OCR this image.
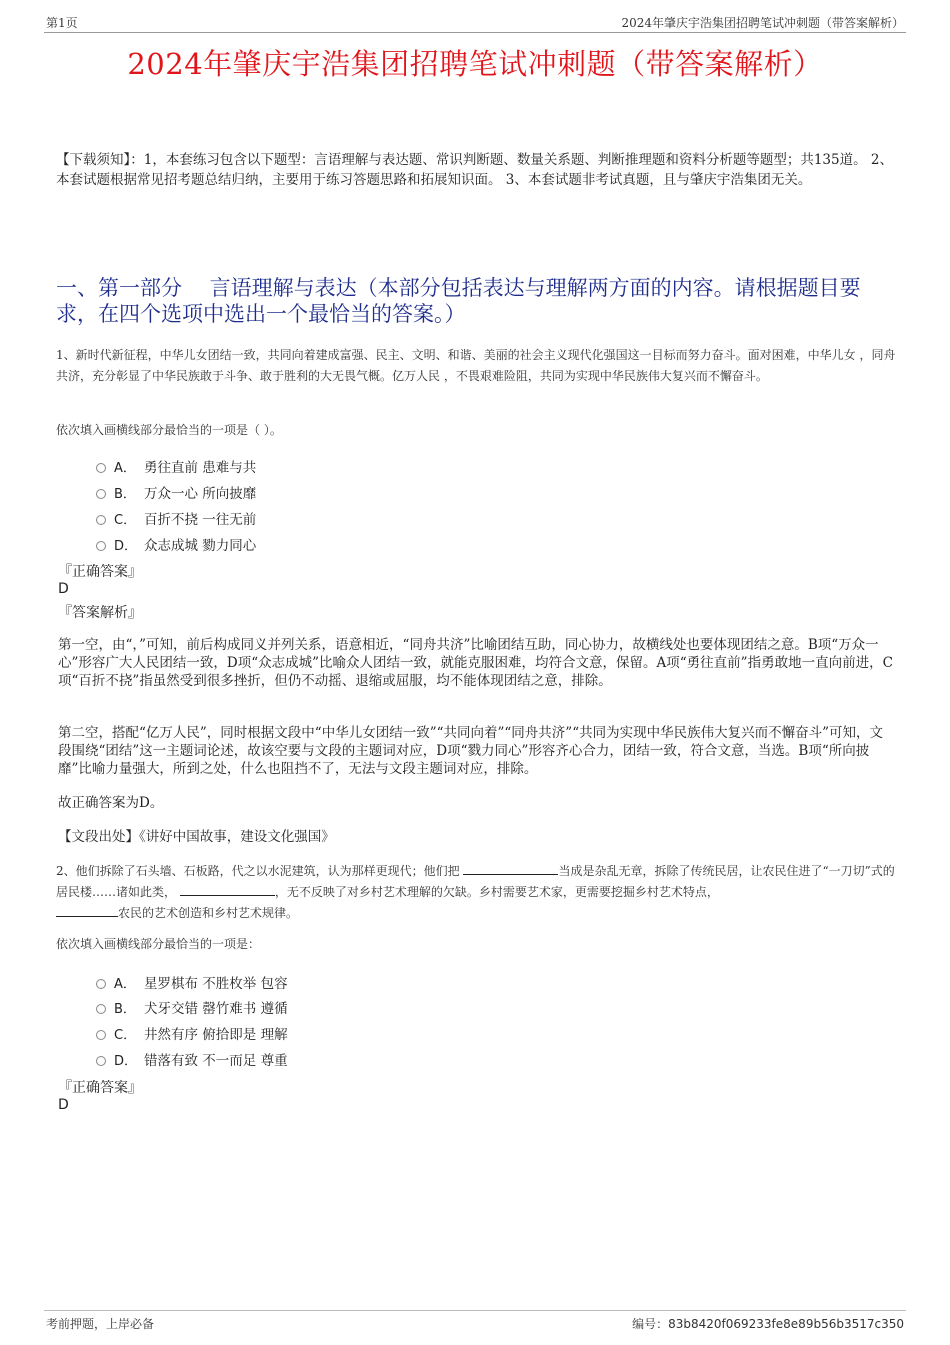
第1页	2024年肇庆宇浩集团招聘笔试冲刺题（带答案解析）
2024年肇庆宇浩集团招聘笔试冲刺题（带答案解析）
【下载须知】：1，本套练习包含以下题型：言语理解与表达题、常识判断题、数量关系题、判断推理题和资料分析题等题型；共135道。 2、本套试题根据常见招考题总结归纳，主要用于练习答题思路和拓展知识面。 3、本套试题非考试真题，且与肇庆宇浩集团无关。
一、第一部分　 言语理解与表达（本部分包括表达与理解两方面的内容。请根据题目要求，在四个选项中选出一个最恰当的答案。）
1、新时代新征程，中华儿女团结一致，共同向着建成富强、民主、文明、和谐、美丽的社会主义现代化强国这一目标而努力奋斗。面对困难，中华儿女 ，同舟共济，充分彰显了中华民族敢于斗争、敢于胜利的大无畏气概。亿万人民 ，不畏艰难险阻，共同为实现中华民族伟大复兴而不懈奋斗。
依次填入画横线部分最恰当的一项是（ ）。
A． 勇往直前 患难与共
B． 万众一心 所向披靡
C． 百折不挠 一往无前
D． 众志成城 勠力同心
『正确答案』
D
『答案解析』
第一空，由“，”可知，前后构成同义并列关系，语意相近，“同舟共济”比喻团结互助，同心协力，故横线处也要体现团结之意。B项“万众一心”形容广大人民团结一致，D项“众志成城”比喻众人团结一致，就能克服困难，均符合文意，保留。A项“勇往直前”指勇敢地一直向前进，C项“百折不挠”指虽然受到很多挫折，但仍不动摇、退缩或屈服，均不能体现团结之意，排除。
第二空，搭配“亿万人民”，同时根据文段中“中华儿女团结一致”“共同向着”“同舟共济”“共同为实现中华民族伟大复兴而不懈奋斗”可知，文段围绕“团结”这一主题词论述，故该空要与文段的主题词对应，D项“戮力同心”形容齐心合力，团结一致，符合文意，当选。B项“所向披靡”比喻力量强大，所到之处，什么也阻挡不了，无法与文段主题词对应，排除。
故正确答案为D。
【文段出处】《讲好中国故事，建设文化强国》
2、他们拆除了石头墙、石板路，代之以水泥建筑，认为那样更现代；他们把	当成是杂乱无章，拆除了传统民居，让农民住进了“一刀切”式的居民楼……诸如此类，	，无不反映了对乡村艺术理解的欠缺。乡村需要艺术家，更需要挖掘乡村艺术特点，
农民的艺术创造和乡村艺术规律。
依次填入画横线部分最恰当的一项是：
A． 星罗棋布 不胜枚举 包容
B． 犬牙交错 罄竹难书 遵循
C． 井然有序 俯拾即是 理解
D． 错落有致 不一而足 尊重
『正确答案』
D
考前押题，上岸必备	编号：83b8420f069233fe8e89b56b3517c350
